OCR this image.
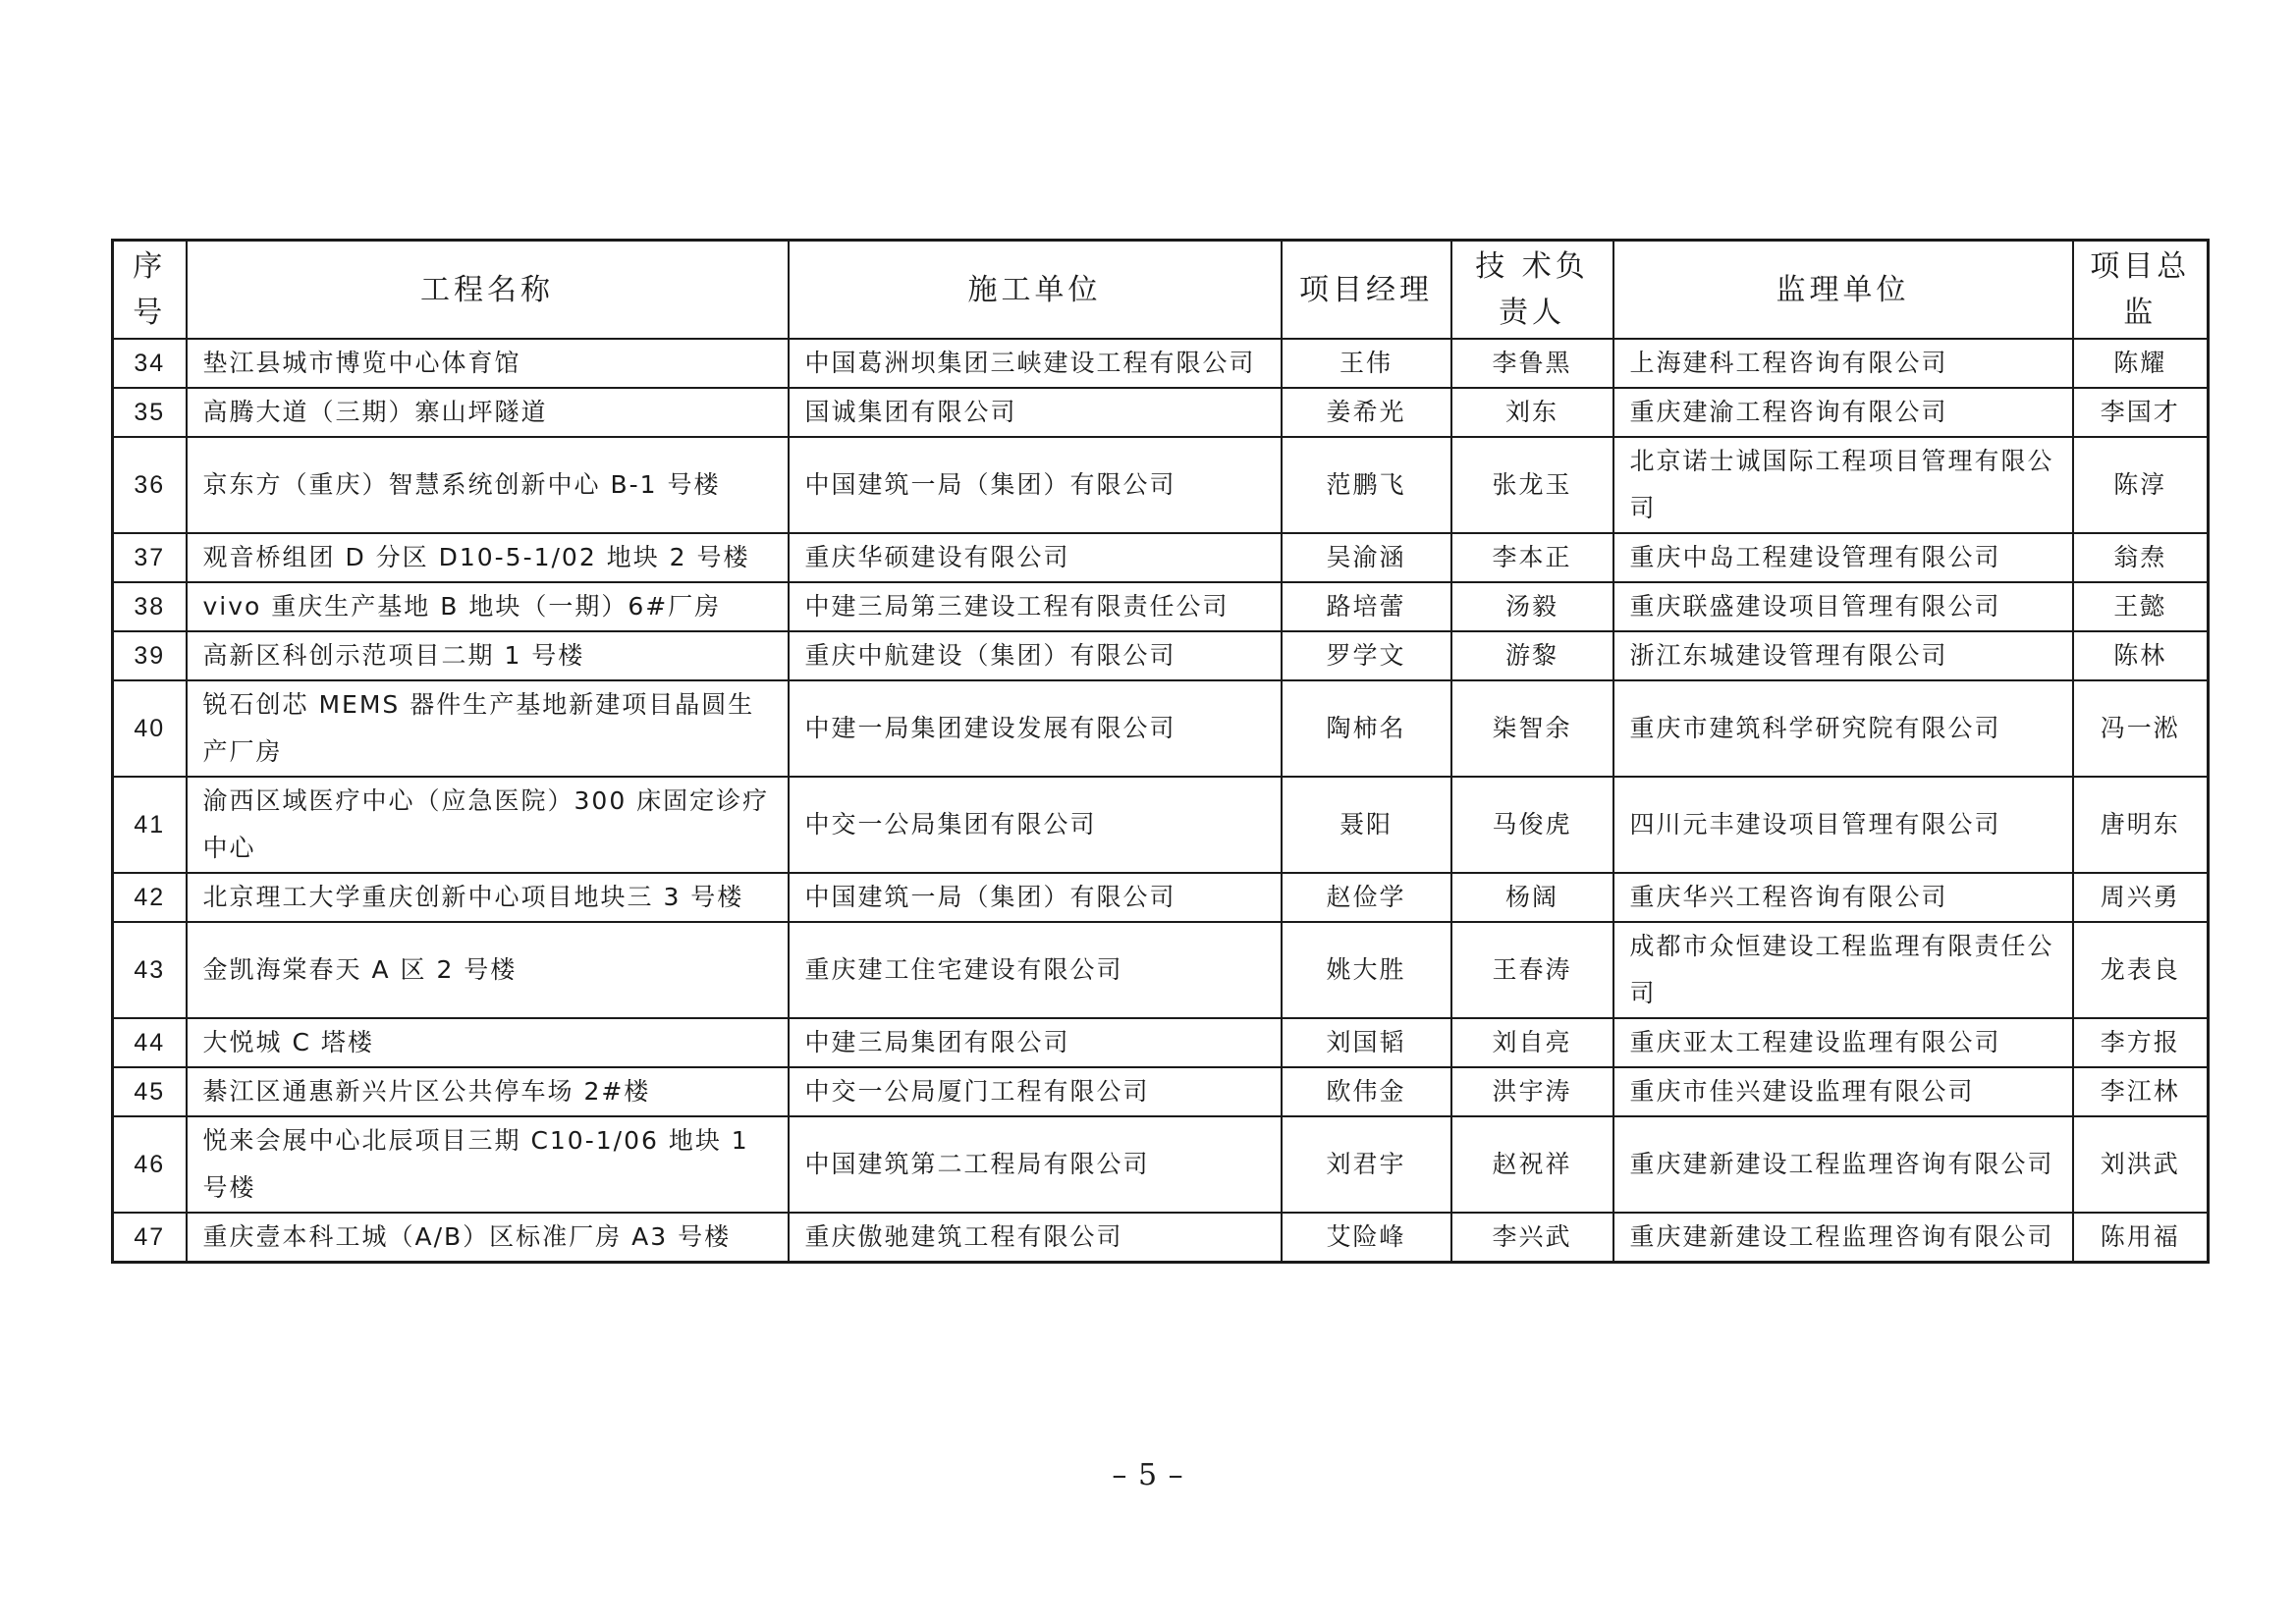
序号	工程名称	施工单位	项目经理	技 术负责人	监理单位	项目总监
34	垫江县城市博览中心体育馆	中国葛洲坝集团三峡建设工程有限公司	王伟	李鲁黑	上海建科工程咨询有限公司	陈耀
35	高腾大道（三期）寨山坪隧道	国诚集团有限公司	姜希光	刘东	重庆建渝工程咨询有限公司	李国才
36	京东方（重庆）智慧系统创新中心 B-1 号楼	中国建筑一局（集团）有限公司	范鹏飞	张龙玉	北京诺士诚国际工程项目管理有限公司	陈淳
37	观音桥组团 D 分区 D10-5-1/02 地块 2 号楼	重庆华硕建设有限公司	吴渝涵	李本正	重庆中岛工程建设管理有限公司	翁焘
38	vivo 重庆生产基地 B 地块（一期）6#厂房	中建三局第三建设工程有限责任公司	路培蕾	汤毅	重庆联盛建设项目管理有限公司	王懿
39	高新区科创示范项目二期 1 号楼	重庆中航建设（集团）有限公司	罗学文	游黎	浙江东城建设管理有限公司	陈林
40	锐石创芯 MEMS 器件生产基地新建项目晶圆生产厂房	中建一局集团建设发展有限公司	陶柿名	柒智余	重庆市建筑科学研究院有限公司	冯一淞
41	渝西区域医疗中心（应急医院）300 床固定诊疗中心	中交一公局集团有限公司	聂阳	马俊虎	四川元丰建设项目管理有限公司	唐明东
42	北京理工大学重庆创新中心项目地块三 3 号楼	中国建筑一局（集团）有限公司	赵俭学	杨阔	重庆华兴工程咨询有限公司	周兴勇
43	金凯海棠春天 A 区 2 号楼	重庆建工住宅建设有限公司	姚大胜	王春涛	成都市众恒建设工程监理有限责任公司	龙表良
44	大悦城 C 塔楼	中建三局集团有限公司	刘国韬	刘自亮	重庆亚太工程建设监理有限公司	李方报
45	綦江区通惠新兴片区公共停车场 2#楼	中交一公局厦门工程有限公司	欧伟金	洪宇涛	重庆市佳兴建设监理有限公司	李江林
46	悦来会展中心北辰项目三期 C10-1/06 地块 1 号楼	中国建筑第二工程局有限公司	刘君宇	赵祝祥	重庆建新建设工程监理咨询有限公司	刘洪武
47	重庆壹本科工城（A/B）区标准厂房 A3 号楼	重庆傲驰建筑工程有限公司	艾险峰	李兴武	重庆建新建设工程监理咨询有限公司	陈用福
– 5 –
